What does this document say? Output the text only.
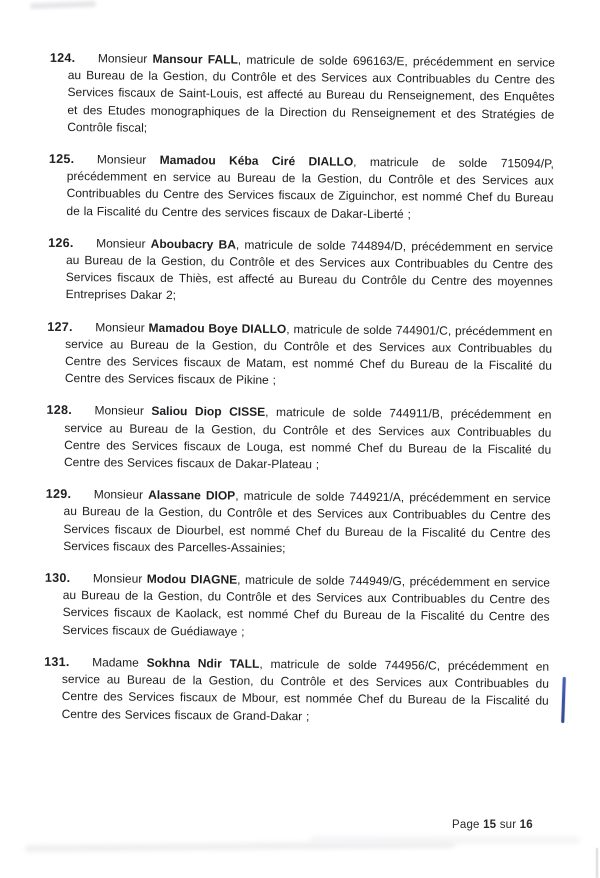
124. Monsieur Mansour FALL, matricule de solde 696163/E, précédemment en service au Bureau de la Gestion, du Contrôle et des Services aux Contribuables du Centre des Services fiscaux de Saint-Louis, est affecté au Bureau du Renseignement, des Enquêtes et des Etudes monographiques de la Direction du Renseignement et des Stratégies de Contrôle fiscal;

125. Monsieur Mamadou Kéba Ciré DIALLO, matricule de solde 715094/P, précédemment en service au Bureau de la Gestion, du Contrôle et des Services aux Contribuables du Centre des Services fiscaux de Ziguinchor, est nommé Chef du Bureau de la Fiscalité du Centre des services fiscaux de Dakar-Liberté ;

126. Monsieur Aboubacry BA, matricule de solde 744894/D, précédemment en service au Bureau de la Gestion, du Contrôle et des Services aux Contribuables du Centre des Services fiscaux de Thiès, est affecté au Bureau du Contrôle du Centre des moyennes Entreprises Dakar 2;

127. Monsieur Mamadou Boye DIALLO, matricule de solde 744901/C, précédemment en service au Bureau de la Gestion, du Contrôle et des Services aux Contribuables du Centre des Services fiscaux de Matam, est nommé Chef du Bureau de la Fiscalité du Centre des Services fiscaux de Pikine ;

128. Monsieur Saliou Diop CISSE, matricule de solde 744911/B, précédemment en service au Bureau de la Gestion, du Contrôle et des Services aux Contribuables du Centre des Services fiscaux de Louga, est nommé Chef du Bureau de la Fiscalité du Centre des Services fiscaux de Dakar-Plateau ;

129. Monsieur Alassane DIOP, matricule de solde 744921/A, précédemment en service au Bureau de la Gestion, du Contrôle et des Services aux Contribuables du Centre des Services fiscaux de Diourbel, est nommé Chef du Bureau de la Fiscalité du Centre des Services fiscaux des Parcelles-Assainies;

130. Monsieur Modou DIAGNE, matricule de solde 744949/G, précédemment en service au Bureau de la Gestion, du Contrôle et des Services aux Contribuables du Centre des Services fiscaux de Kaolack, est nommé Chef du Bureau de la Fiscalité du Centre des Services fiscaux de Guédiawaye ;

131. Madame Sokhna Ndir TALL, matricule de solde 744956/C, précédemment en service au Bureau de la Gestion, du Contrôle et des Services aux Contribuables du Centre des Services fiscaux de Mbour, est nommée Chef du Bureau de la Fiscalité du Centre des Services fiscaux de Grand-Dakar ;

Page 15 sur 16
